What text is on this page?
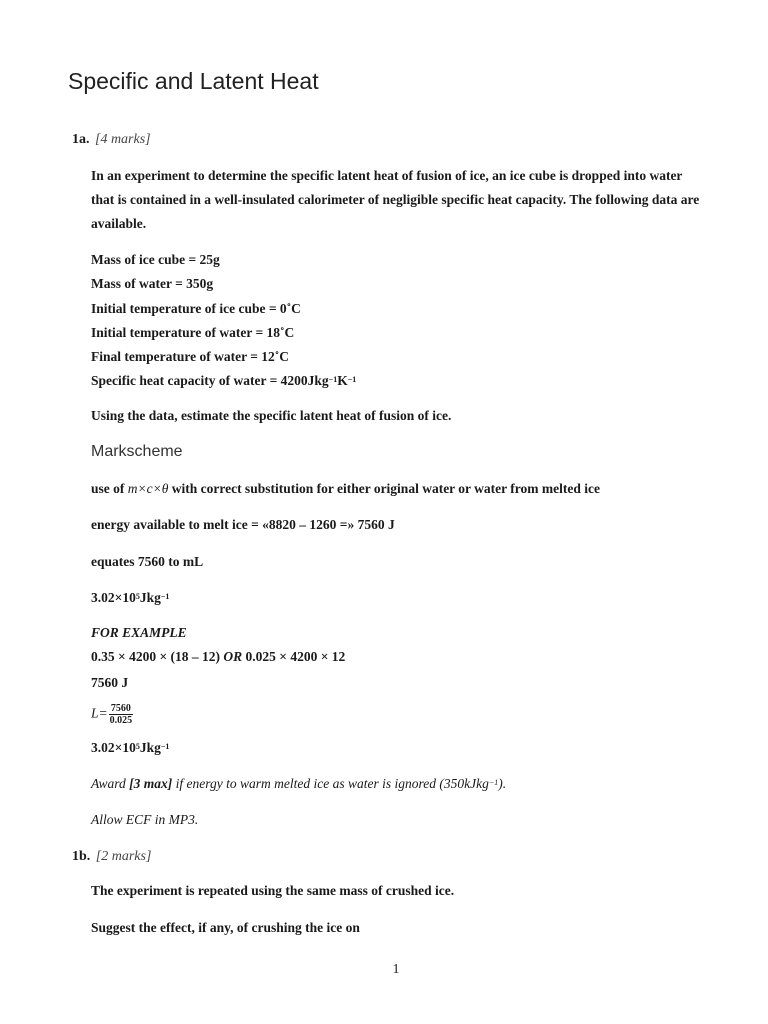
Specific and Latent Heat
1a. [4 marks]
In an experiment to determine the specific latent heat of fusion of ice, an ice cube is dropped into water that is contained in a well-insulated calorimeter of negligible specific heat capacity. The following data are available.
Mass of ice cube = 25g
Mass of water = 350g
Initial temperature of ice cube = 0˚C
Initial temperature of water = 18˚C
Final temperature of water = 12˚C
Specific heat capacity of water = $4200Jkg^{-1}K^{-1}$
Using the data, estimate the specific latent heat of fusion of ice.
Markscheme
use of m×c×θ with correct substitution for either original water or water from melted ice
energy available to melt ice = «8820 – 1260 =» 7560 J
equates 7560 to mL
$3.02\times 10^5Jkg^{-1}$
FOR EXAMPLE
0.35 × 4200 × (18 – 12) OR 0.025 × 4200 × 12
7560 J
$L= \frac{7560}{0.025}$
$3.02\times 10^5Jkg^{-1}$
Award [3 max] if energy to warm melted ice as water is ignored (350kJkg$^{-1}$).
Allow ECF in MP3.
1b. [2 marks]
The experiment is repeated using the same mass of crushed ice.
Suggest the effect, if any, of crushing the ice on
1
